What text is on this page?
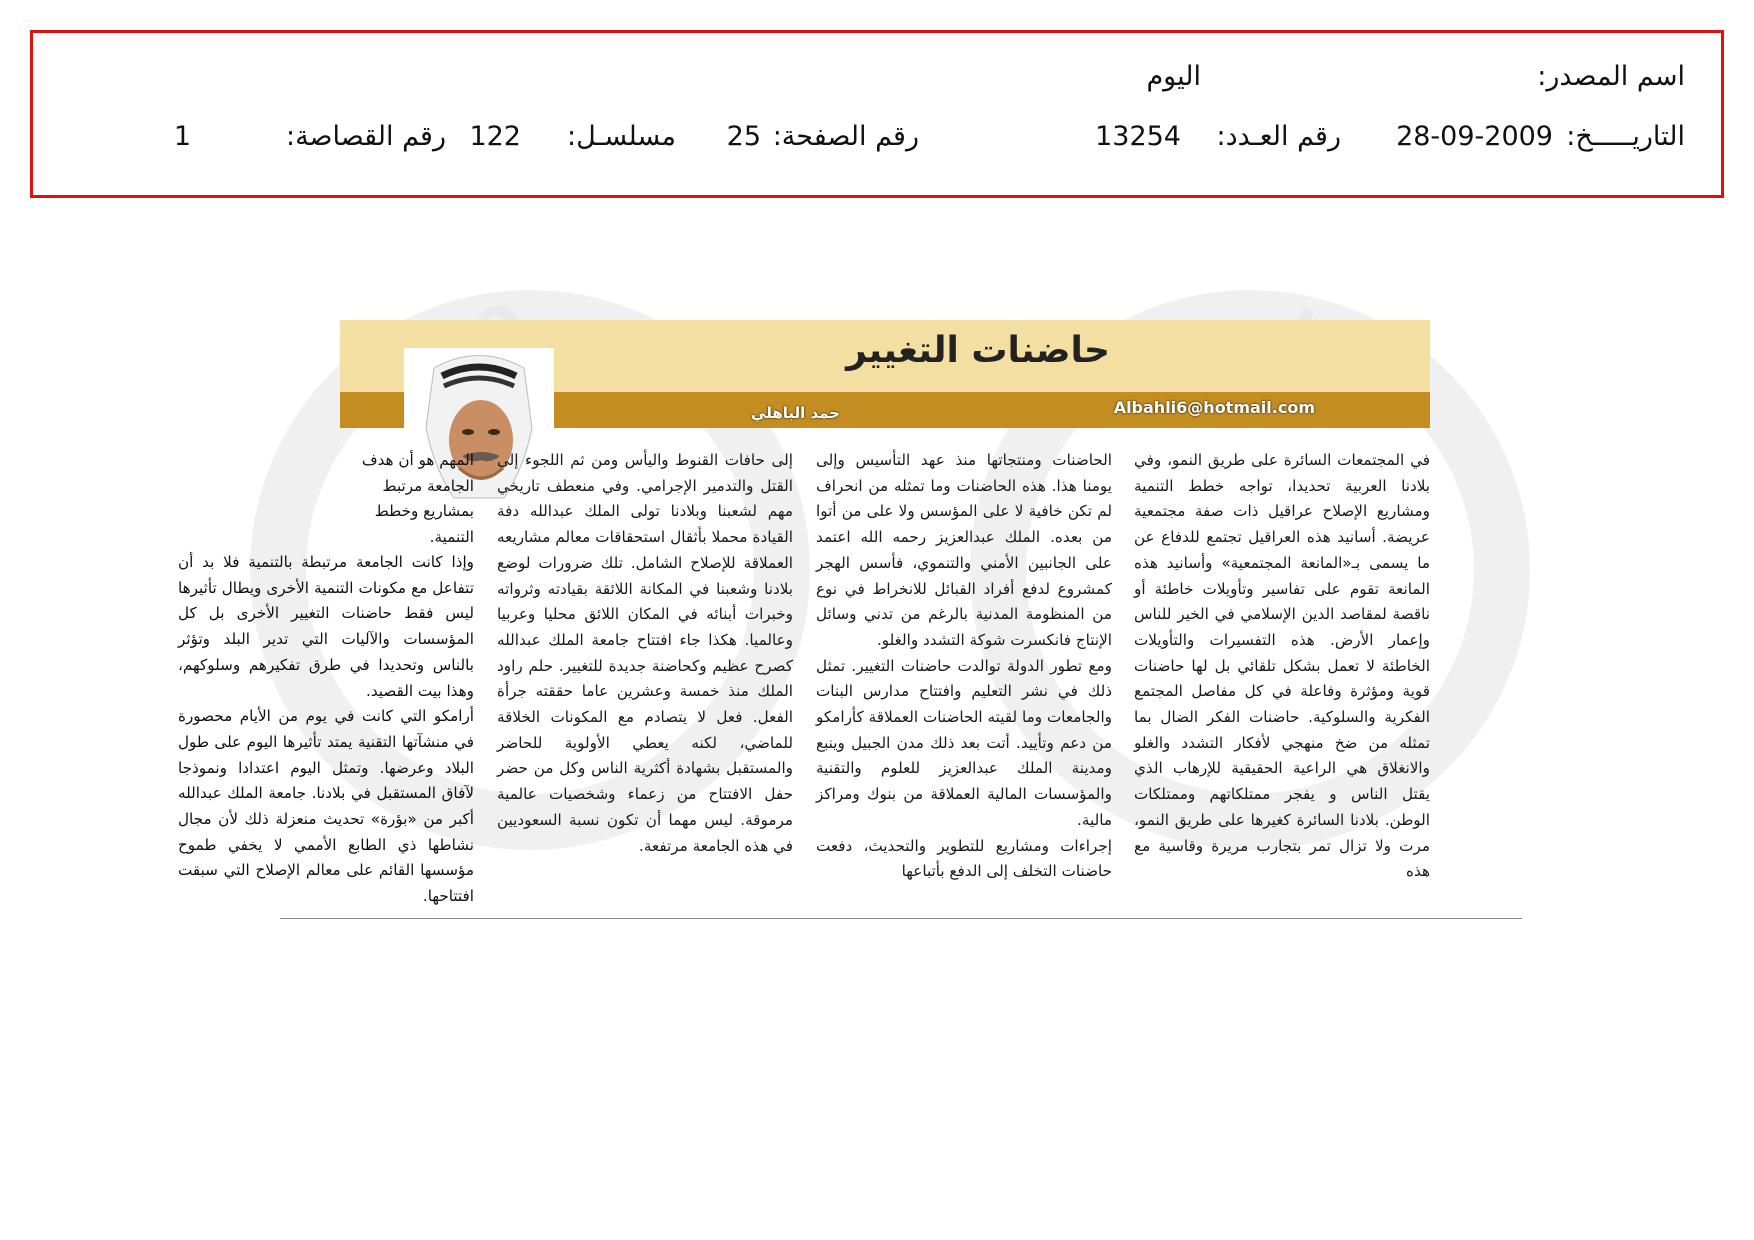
اسم المصدر:
اليوم
التاريـــــخ:
28-09-2009
رقم العـدد:
13254
رقم الصفحة:
25
مسلسـل:
122
رقم القصاصة:
1
حاضنات التغيير
Albahli6@hotmail.com
حمد الباهلي
في المجتمعات السائرة على طريق النمو، وفي بلادنا العربية تحديدا، تواجه خطط التنمية ومشاريع الإصلاح عراقيل ذات صفة مجتمعية عريضة. أسانيد هذه العراقيل تجتمع للدفاع عن ما يسمى بـ«المانعة المجتمعية» وأسانيد هذه المانعة تقوم على تفاسير وتأويلات خاطئة أو ناقصة لمقاصد الدين الإسلامي في الخير للناس وإعمار الأرض. هذه التفسيرات والتأويلات الخاطئة لا تعمل بشكل تلقائي بل لها حاضنات قوية ومؤثرة وفاعلة في كل مفاصل المجتمع الفكرية والسلوكية. حاضنات الفكر الضال بما تمثله من ضخ منهجي لأفكار التشدد والغلو والانغلاق هي الراعية الحقيقية للإرهاب الذي يقتل الناس و يفجر ممتلكاتهم وممتلكات الوطن. بلادنا السائرة كغيرها على طريق النمو، مرت ولا تزال تمر بتجارب مريرة وقاسية مع هذه
الحاضنات ومنتجاتها منذ عهد التأسيس وإلى يومنا هذا. هذه الحاضنات وما تمثله من انحراف لم تكن خافية لا على المؤسس ولا على من أتوا من بعده. الملك عبدالعزيز رحمه الله اعتمد على الجانبين الأمني والتنموي، فأسس الهجر كمشروع لدفع أفراد القبائل للانخراط في نوع من المنظومة المدنية بالرغم من تدني وسائل الإنتاج فانكسرت شوكة التشدد والغلو.
ومع تطور الدولة توالدت حاضنات التغيير. تمثل ذلك في نشر التعليم وافتتاح مدارس البنات والجامعات وما لقيته الحاضنات العملاقة كأرامكو من دعم وتأييد. أتت بعد ذلك مدن الجبيل وينبع ومدينة الملك عبدالعزيز للعلوم والتقنية والمؤسسات المالية العملاقة من بنوك ومراكز مالية.
إجراءات ومشاريع للتطوير والتحديث، دفعت حاضنات التخلف إلى الدفع بأتباعها
إلى حافات القنوط واليأس ومن ثم اللجوء إلى القتل والتدمير الإجرامي. وفي منعطف تاريخي مهم لشعبنا وبلادنا تولى الملك عبدالله دفة القيادة محملا بأثقال استحقاقات معالم مشاريعه العملاقة للإصلاح الشامل. تلك ضرورات لوضع بلادنا وشعبنا في المكانة اللائقة بقيادته وثرواته وخبرات أبنائه في المكان اللائق محليا وعربيا وعالميا. هكذا جاء افتتاح جامعة الملك عبدالله كصرح عظيم وكحاضنة جديدة للتغيير. حلم راود الملك منذ خمسة وعشرين عاما حققته جرأة الفعل. فعل لا يتصادم مع المكونات الخلاقة للماضي، لكنه يعطي الأولوية للحاضر والمستقبل بشهادة أكثرية الناس وكل من حضر حفل الافتتاح من زعماء وشخصيات عالمية مرموقة. ليس مهما أن تكون نسبة السعوديين في هذه الجامعة مرتفعة.
المهم هو أن هدف الجامعة مرتبط بمشاريع وخطط التنمية.
وإذا كانت الجامعة مرتبطة بالتنمية فلا بد أن تتفاعل مع مكونات التنمية الأخرى ويطال تأثيرها ليس فقط حاضنات التغيير الأخرى بل كل المؤسسات والآليات التي تدير البلد وتؤثر بالناس وتحديدا في طرق تفكيرهم وسلوكهم، وهذا بيت القصيد.
أرامكو التي كانت في يوم من الأيام محصورة في منشآتها التقنية يمتد تأثيرها اليوم على طول البلاد وعرضها. وتمثل اليوم اعتدادا ونموذجا لآفاق المستقبل في بلادنا. جامعة الملك عبدالله أكبر من «بؤرة» تحديث منعزلة ذلك لأن مجال نشاطها ذي الطابع الأممي لا يخفي طموح مؤسسها القائم على معالم الإصلاح التي سبقت افتتاحها.
